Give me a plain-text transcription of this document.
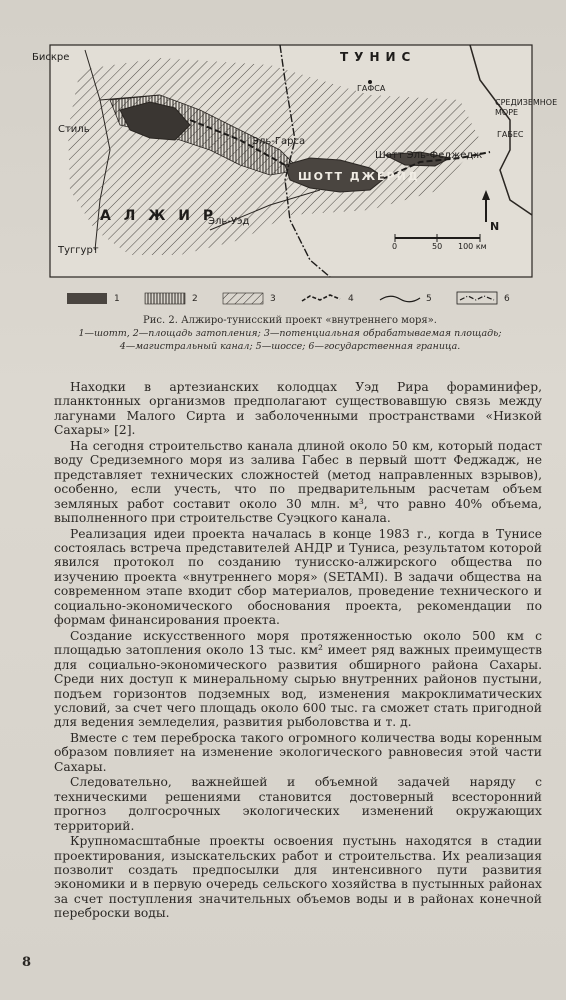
ТУНИС
Бискре
ГАФСА
СРЕДИЗЕМНОЕ МОРЕ
ГАБЕС
Стиль
Эль-Гарса
Шотт Эль-Феджедж
ШОТТ ДЖЕРИД
А Л Ж И Р
Эль-Уэд
Туггурт	0	50 100 км
N
1	2	3	4	5	6
Рис. 2. Алжиро-тунисский проект «внутреннего моря».
1—шотт, 2—площадь затопления; 3—потенциальная обрабатываемая площадь;
4—магистральный канал; 5—шоссе; 6—государственная граница.

Находки в артезианских колодцах Уэд Рира фораминифер, планктонных организмов предполагают существовавшую связь между лагунами Малого Сирта и заболоченными пространствами «Низкой Сахары» [2].

На сегодня строительство канала длиной около 50 км, который подаст воду Средиземного моря из залива Габес в первый шотт Феджадж, не представляет технических сложностей (метод направленных взрывов), особенно, если учесть, что по предварительным расчетам объем земляных работ составит около 30 млн. м³, что равно 40% объема, выполненного при строительстве Суэцкого канала.

Реализация идеи проекта началась в конце 1983 г., когда в Тунисе состоялась встреча представителей АНДР и Туниса, результатом которой явился протокол по созданию тунисско-алжирского общества по изучению проекта «внутреннего моря» (SETAMI). В задачи общества на современном этапе входит сбор материалов, проведение технического и социально-экономического обоснования проекта, рекомендации по формам финансирования проекта.

Создание искусственного моря протяженностью около 500 км с площадью затопления около 13 тыс. км² имеет ряд важных преимуществ для социально-экономического развития обширного района Сахары. Среди них доступ к минеральному сырью внутренних районов пустыни, подъем горизонтов подземных вод, изменения макроклиматических условий, за счет чего площадь около 600 тыс. га сможет стать пригодной для ведения земледелия, развития рыболовства и т. д.

Вместе с тем переброска такого огромного количества воды коренным образом повлияет на изменение экологического равновесия этой части Сахары.

Следовательно, важнейшей и объемной задачей наряду с техническими решениями становится достоверный всесторонний прогноз долгосрочных экологических изменений окружающих территорий.

Крупномасштабные проекты освоения пустынь находятся в стадии проектирования, изыскательских работ и строительства. Их реализация позволит создать предпосылки для интенсивного пути развития экономики и в первую очередь сельского хозяйства в пустынных районах за счет поступления значительных объемов воды и в районах конечной переброски воды.

8
